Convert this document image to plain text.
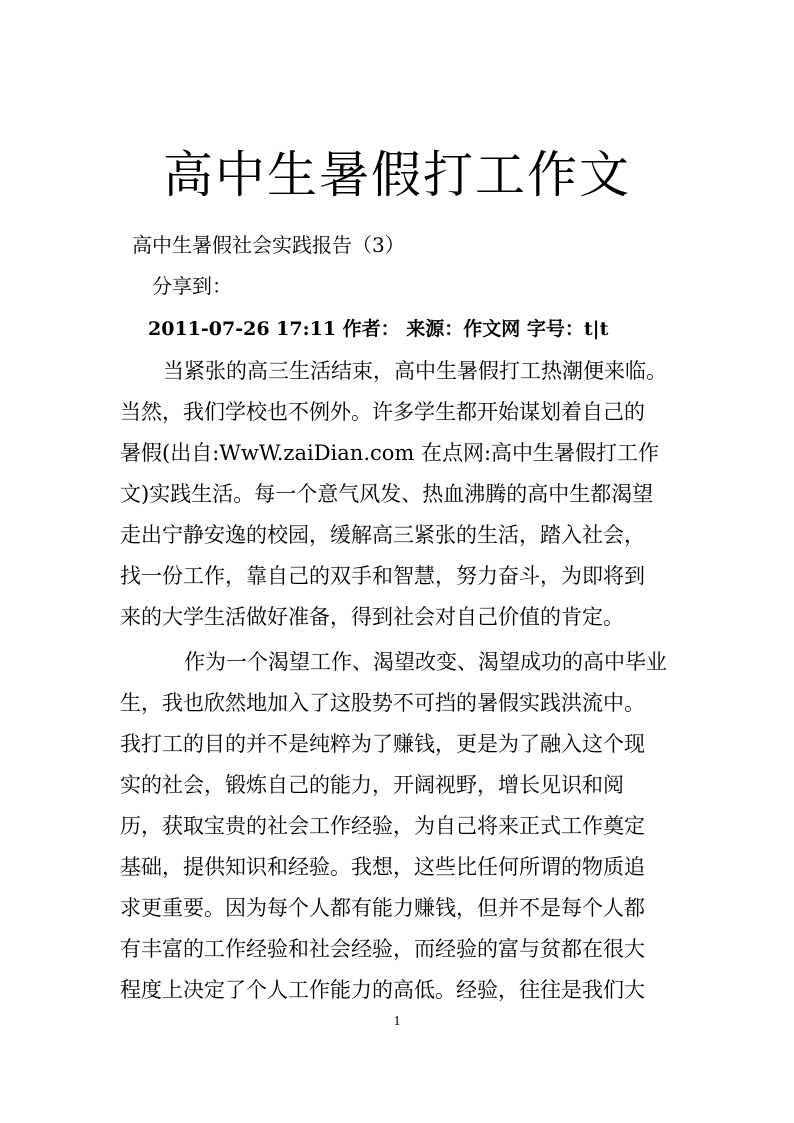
高中生暑假打工作文
高中生暑假社会实践报告（3）
分享到：
2011-07-26 17:11 作者： 来源：作文网 字号：t|t
当紧张的高三生活结束，高中生暑假打工热潮便来临。
当然，我们学校也不例外。许多学生都开始谋划着自己的
暑假(出自:WwW.zaiDian.com 在点网:高中生暑假打工作
文)实践生活。每一个意气风发、热血沸腾的高中生都渴望
走出宁静安逸的校园，缓解高三紧张的生活，踏入社会，
找一份工作，靠自己的双手和智慧，努力奋斗，为即将到
来的大学生活做好准备，得到社会对自己价值的肯定。
作为一个渴望工作、渴望改变、渴望成功的高中毕业
生，我也欣然地加入了这股势不可挡的暑假实践洪流中。
我打工的目的并不是纯粹为了赚钱，更是为了融入这个现
实的社会，锻炼自己的能力，开阔视野，增长见识和阅
历，获取宝贵的社会工作经验，为自己将来正式工作奠定
基础，提供知识和经验。我想，这些比任何所谓的物质追
求更重要。因为每个人都有能力赚钱，但并不是每个人都
有丰富的工作经验和社会经验，而经验的富与贫都在很大
程度上决定了个人工作能力的高低。经验，往往是我们大
1
